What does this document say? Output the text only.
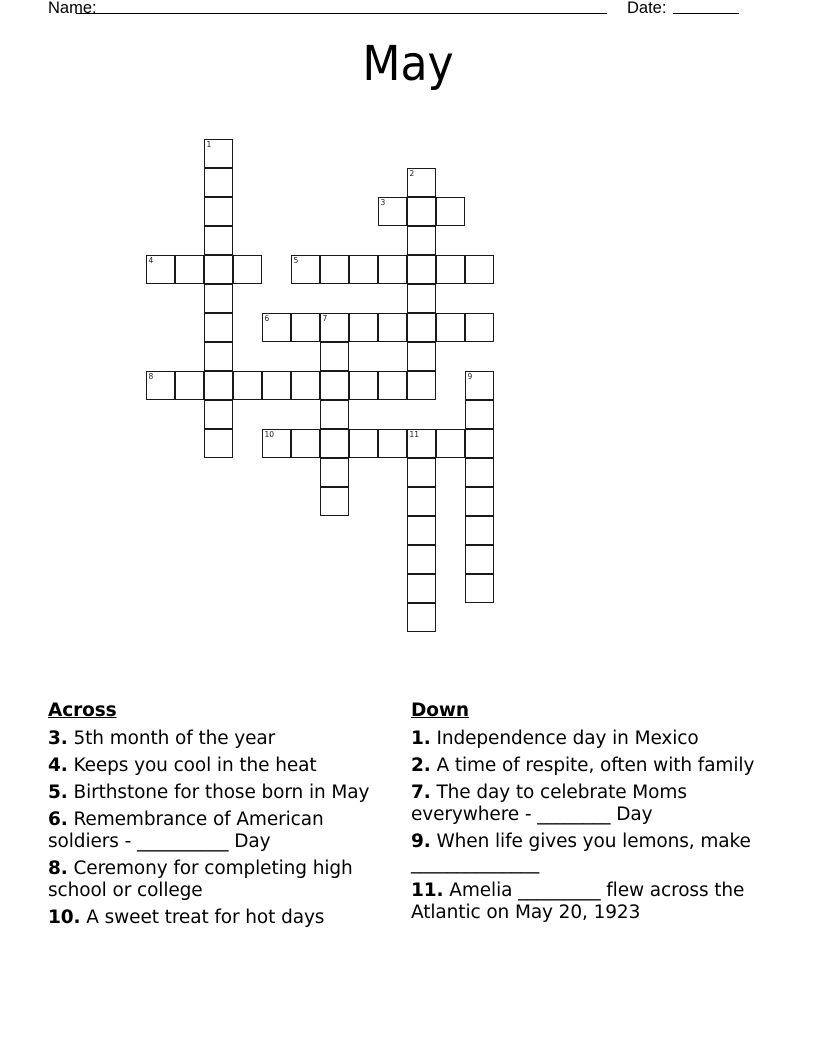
Name:	Date:
May
1
2
3
4	5
6	7
8	9
10	11
Across
3. 5th month of the year
4. Keeps you cool in the heat
5. Birthstone for those born in May
6. Remembrance of American soldiers - __________ Day
8. Ceremony for completing high school or college
10. A sweet treat for hot days
Down
1. Independence day in Mexico
2. A time of respite, often with family
7. The day to celebrate Moms everywhere - ________ Day
9. When life gives you lemons, make ______________
11. Amelia _________ flew across the Atlantic on May 20, 1923
